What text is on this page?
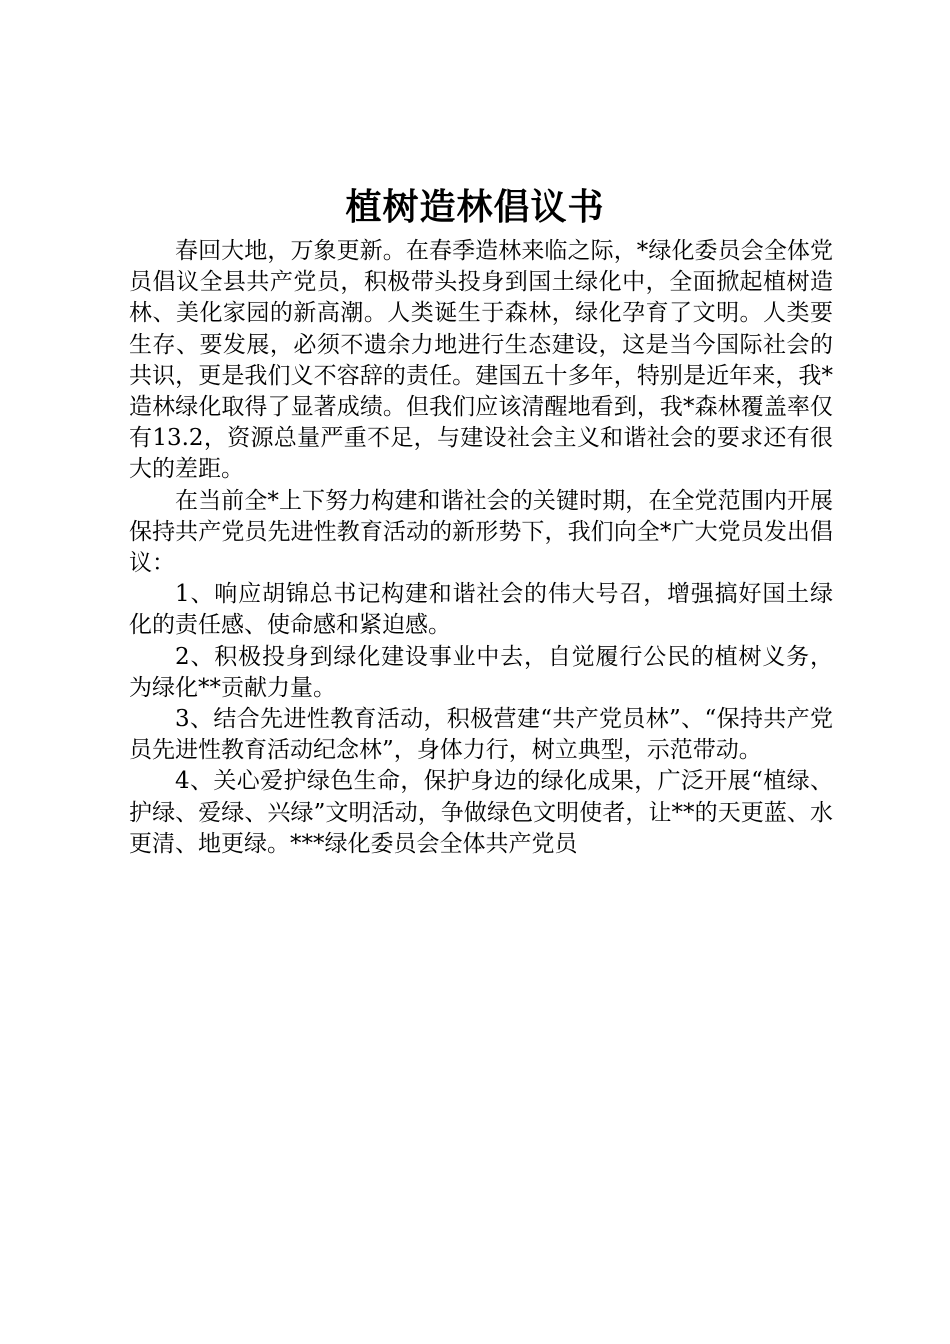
植树造林倡议书

春回大地，万象更新。在春季造林来临之际，*绿化委员会全体党员倡议全县共产党员，积极带头投身到国土绿化中，全面掀起植树造林、美化家园的新高潮。人类诞生于森林，绿化孕育了文明。人类要生存、要发展，必须不遗余力地进行生态建设，这是当今国际社会的共识，更是我们义不容辞的责任。建国五十多年，特别是近年来，我*造林绿化取得了显著成绩。但我们应该清醒地看到，我*森林覆盖率仅有13.2，资源总量严重不足，与建设社会主义和谐社会的要求还有很大的差距。

在当前全*上下努力构建和谐社会的关键时期，在全党范围内开展保持共产党员先进性教育活动的新形势下，我们向全*广大党员发出倡议：

1、响应胡锦总书记构建和谐社会的伟大号召，增强搞好国土绿化的责任感、使命感和紧迫感。

2、积极投身到绿化建设事业中去，自觉履行公民的植树义务，为绿化**贡献力量。

3、结合先进性教育活动，积极营建“共产党员林”、“保持共产党员先进性教育活动纪念林”，身体力行，树立典型，示范带动。

4、关心爱护绿色生命，保护身边的绿化成果，广泛开展“植绿、护绿、爱绿、兴绿”文明活动，争做绿色文明使者，让**的天更蓝、水更清、地更绿。***绿化委员会全体共产党员
